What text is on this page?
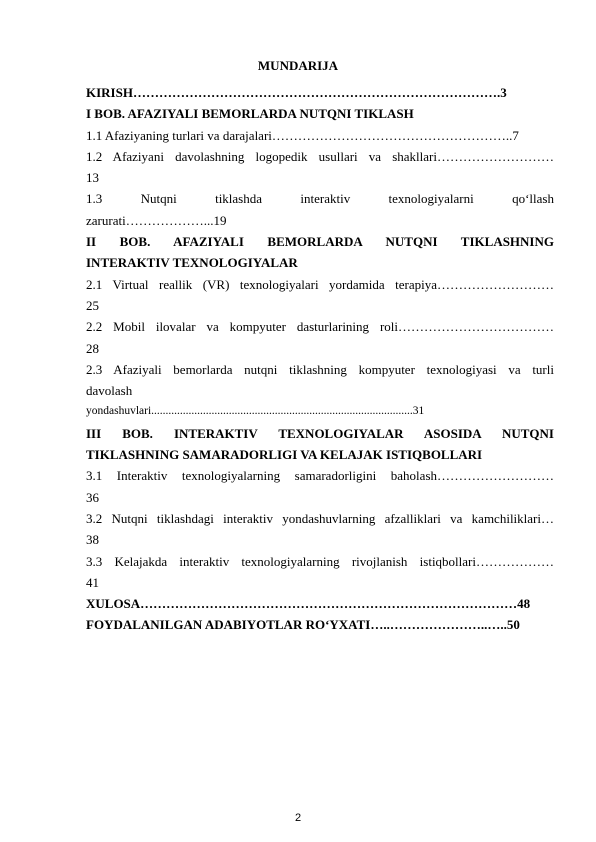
MUNDARIJA
KIRISH………………………………………………………………………….3
I BOB. AFAZIYALI BEMORLARDA NUTQNI TIKLASH
1.1 Afaziyaning turlari va darajalari………………………………………………..7
1.2 Afaziyani davolashning logopedik usullari va shakllari………………………
13
1.3 Nutqni tiklashda interaktiv texnologiyalarni qo‘llash
zarurati………………...19
II BOB. AFAZIYALI BEMORLARDA NUTQNI TIKLASHNING
INTERAKTIV TEXNOLOGIYALAR
2.1 Virtual reallik (VR) texnologiyalari yordamida terapiya………………………
25
2.2 Mobil ilovalar va kompyuter dasturlarining roli………………………………
28
2.3 Afaziyali bemorlarda nutqni tiklashning kompyuter texnologiyasi va turli
davolash
yondashuvlari...........................................................................................31
III BOB. INTERAKTIV TEXNOLOGIYALAR ASOSIDA NUTQNI
TIKLASHNING SAMARADORLIGI VA KELAJAK ISTIQBOLLARI
3.1 Interaktiv texnologiyalarning samaradorligini baholash………………………
36
3.2 Nutqni tiklashdagi interaktiv yondashuvlarning afzalliklari va kamchiliklari…
38
3.3 Kelajakda interaktiv texnologiyalarning rivojlanish istiqbollari………………
41
XULOSA……………………………………………………………………………48
FOYDALANILGAN ADABIYOTLAR RO‘YXATI…..…………………..…..50
2
